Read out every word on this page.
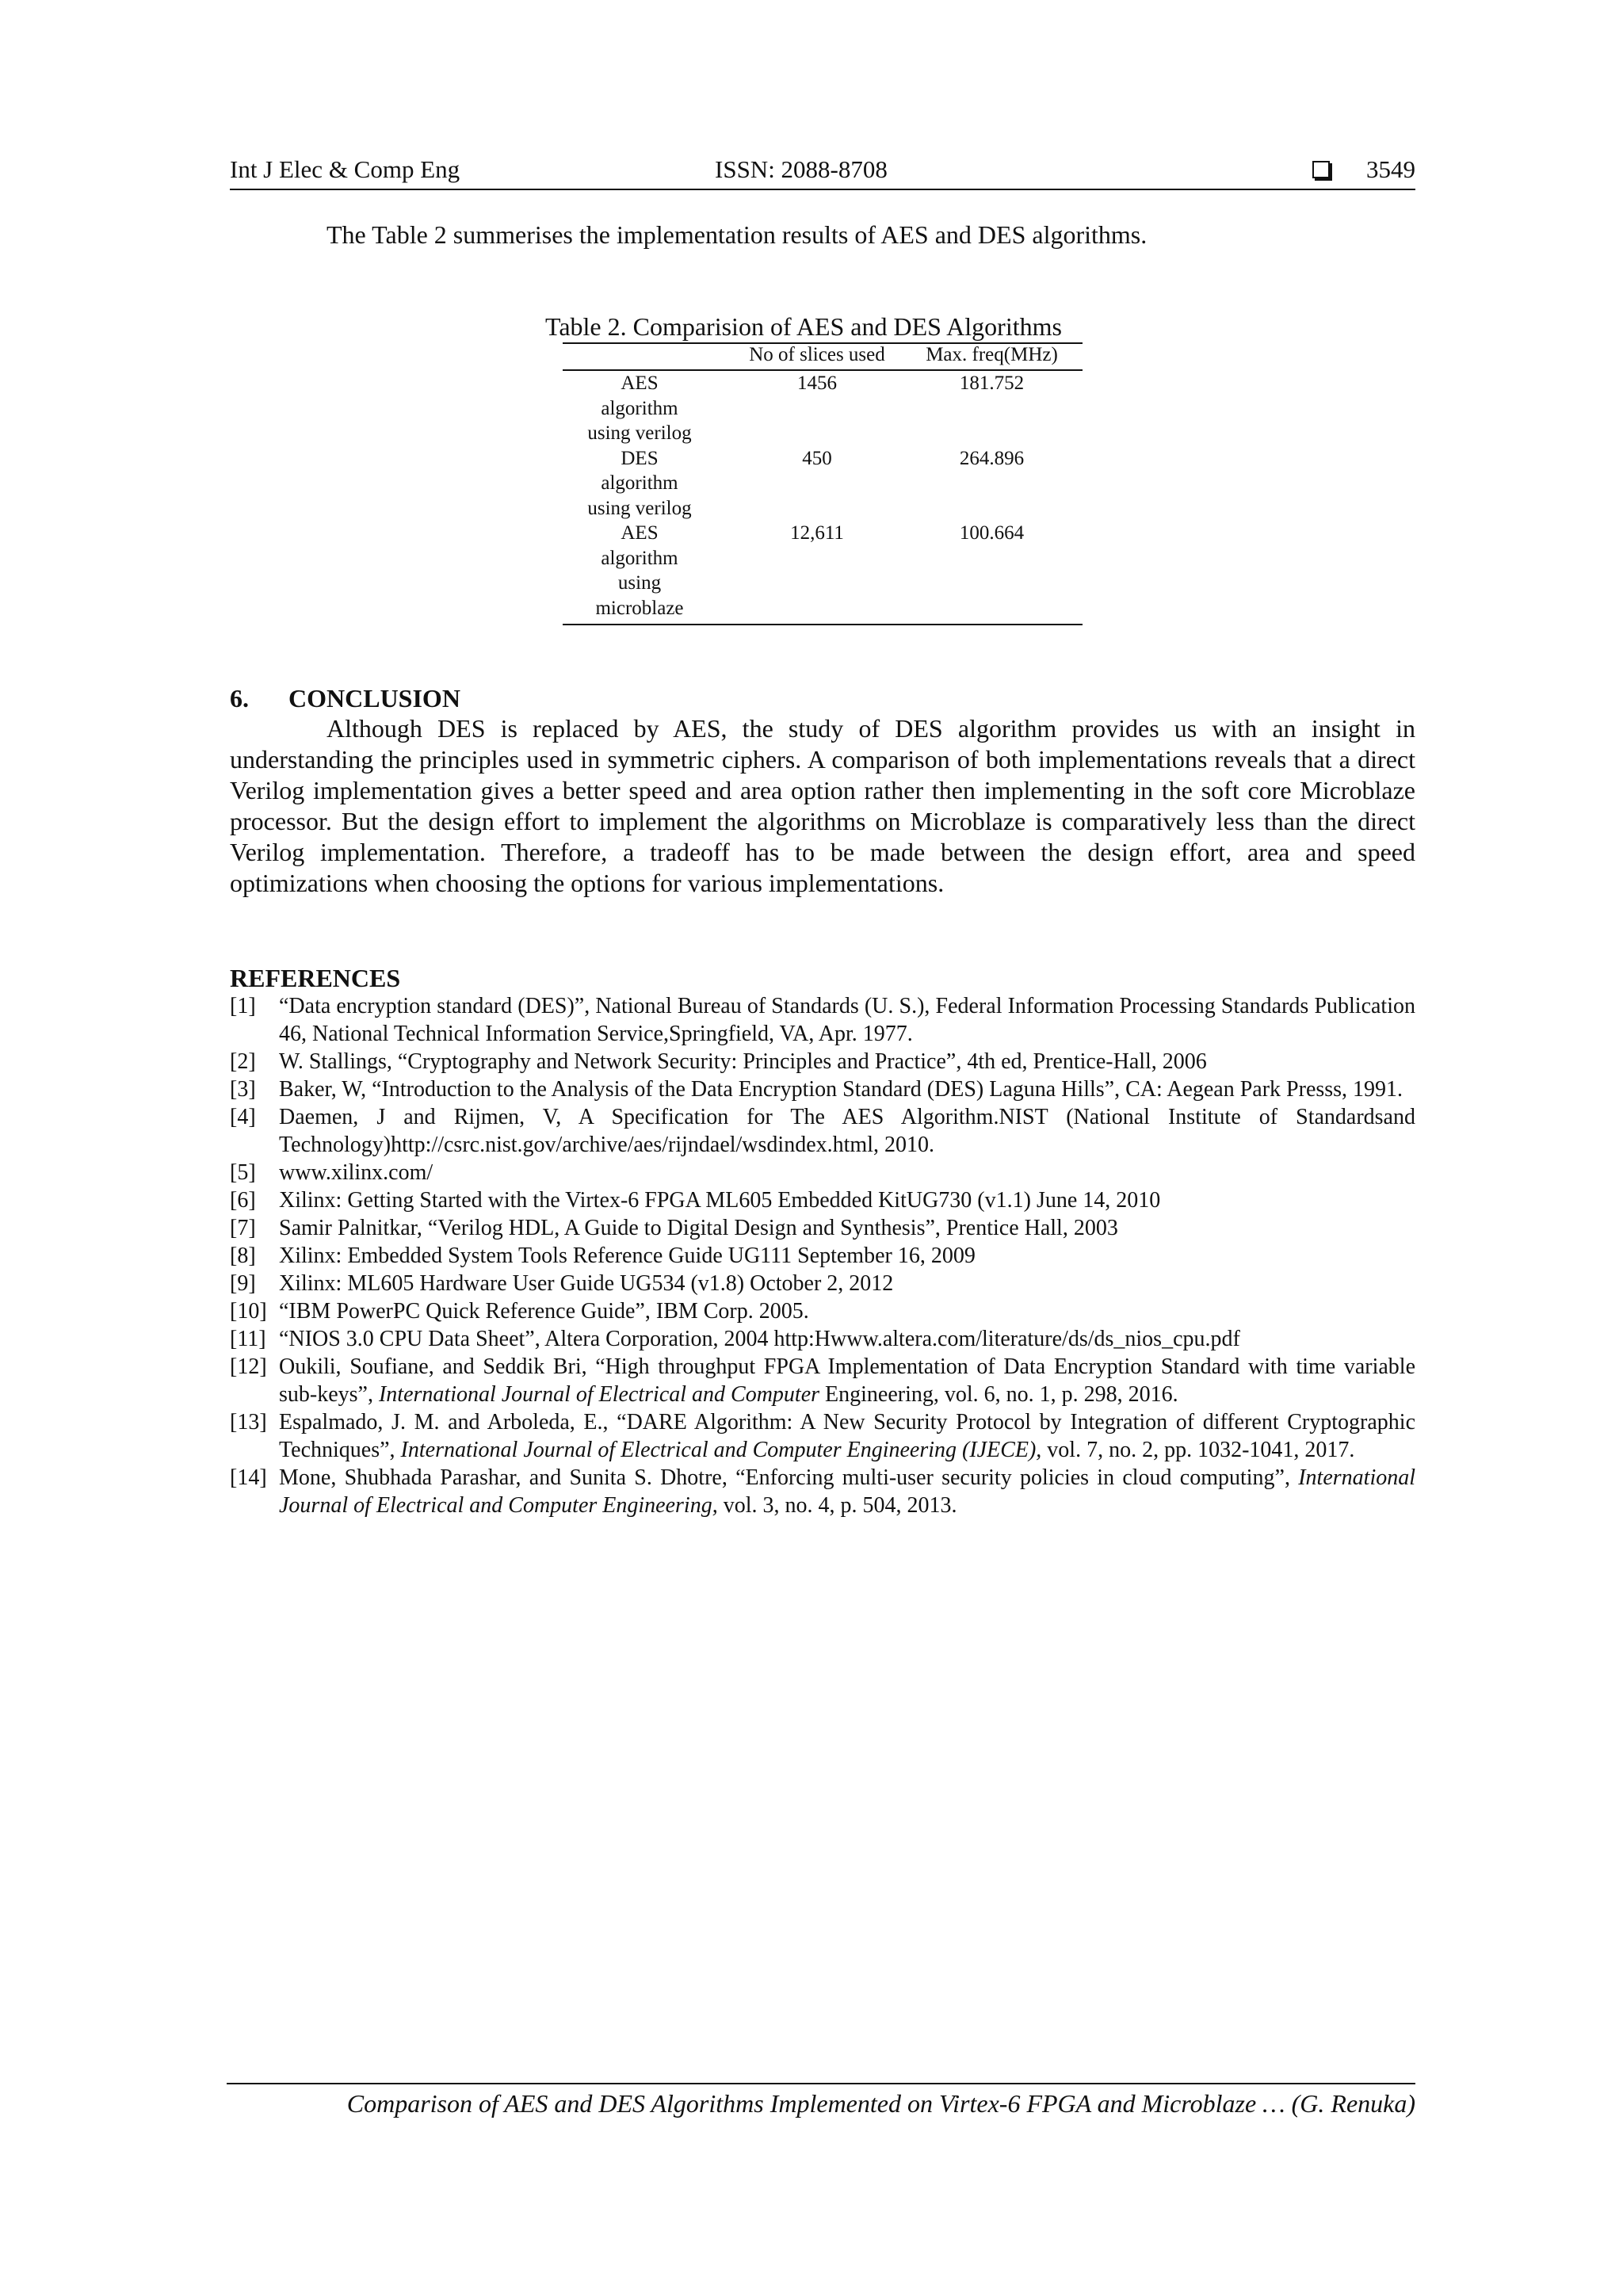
Int J Elec & Comp Eng	ISSN: 2088-8708	3549
The Table 2 summerises the implementation results of AES and DES algorithms.
Table 2. Comparision of AES and DES Algorithms
No of slices used	Max. freq(MHz)
AES
algorithm
using verilog
1456	181.752
DES
algorithm
using verilog
450	264.896
AES
algorithm
using
microblaze
12,611	100.664
6. CONCLUSION

Although DES is replaced by AES, the study of DES algorithm provides us with an insight in understanding the principles used in symmetric ciphers. A comparison of both implementations reveals that a direct Verilog implementation gives a better speed and area option rather then implementing in the soft core Microblaze processor. But the design effort to implement the algorithms on Microblaze is comparatively less than the direct Verilog implementation. Therefore, a tradeoff has to be made between the design effort, area and speed optimizations when choosing the options for various implementations.

REFERENCES
[1] “Data encryption standard (DES)”, National Bureau of Standards (U. S.), Federal Information Processing Standards Publication 46, National Technical Information Service,Springfield, VA, Apr. 1977.
[2] W. Stallings, “Cryptography and Network Security: Principles and Practice”, 4th ed, Prentice-Hall, 2006
[3] Baker, W, “Introduction to the Analysis of the Data Encryption Standard (DES) Laguna Hills”, CA: Aegean Park Presss, 1991.
[4] Daemen, J and Rijmen, V, A Specification for The AES Algorithm.NIST (National Institute of Standardsand Technology)http://csrc.nist.gov/archive/aes/rijndael/wsdindex.html, 2010.
[5] www.xilinx.com/
[6] Xilinx: Getting Started with the Virtex-6 FPGA ML605 Embedded KitUG730 (v1.1) June 14, 2010
[7] Samir Palnitkar, “Verilog HDL, A Guide to Digital Design and Synthesis”, Prentice Hall, 2003
[8] Xilinx: Embedded System Tools Reference Guide UG111 September 16, 2009
[9] Xilinx: ML605 Hardware User Guide UG534 (v1.8) October 2, 2012
[10] “IBM PowerPC Quick Reference Guide”, IBM Corp. 2005.
[11] “NIOS 3.0 CPU Data Sheet”, Altera Corporation, 2004 http:Hwww.altera.com/literature/ds/ds_nios_cpu.pdf
[12] Oukili, Soufiane, and Seddik Bri, “High throughput FPGA Implementation of Data Encryption Standard with time variable sub-keys”, International Journal of Electrical and Computer Engineering, vol. 6, no. 1, p. 298, 2016.
[13] Espalmado, J. M. and Arboleda, E., “DARE Algorithm: A New Security Protocol by Integration of different Cryptographic Techniques”, International Journal of Electrical and Computer Engineering (IJECE), vol. 7, no. 2, pp. 1032-1041, 2017.
[14] Mone, Shubhada Parashar, and Sunita S. Dhotre, “Enforcing multi-user security policies in cloud computing”, International Journal of Electrical and Computer Engineering, vol. 3, no. 4, p. 504, 2013.
Comparison of AES and DES Algorithms Implemented on Virtex-6 FPGA and Microblaze … (G. Renuka)
